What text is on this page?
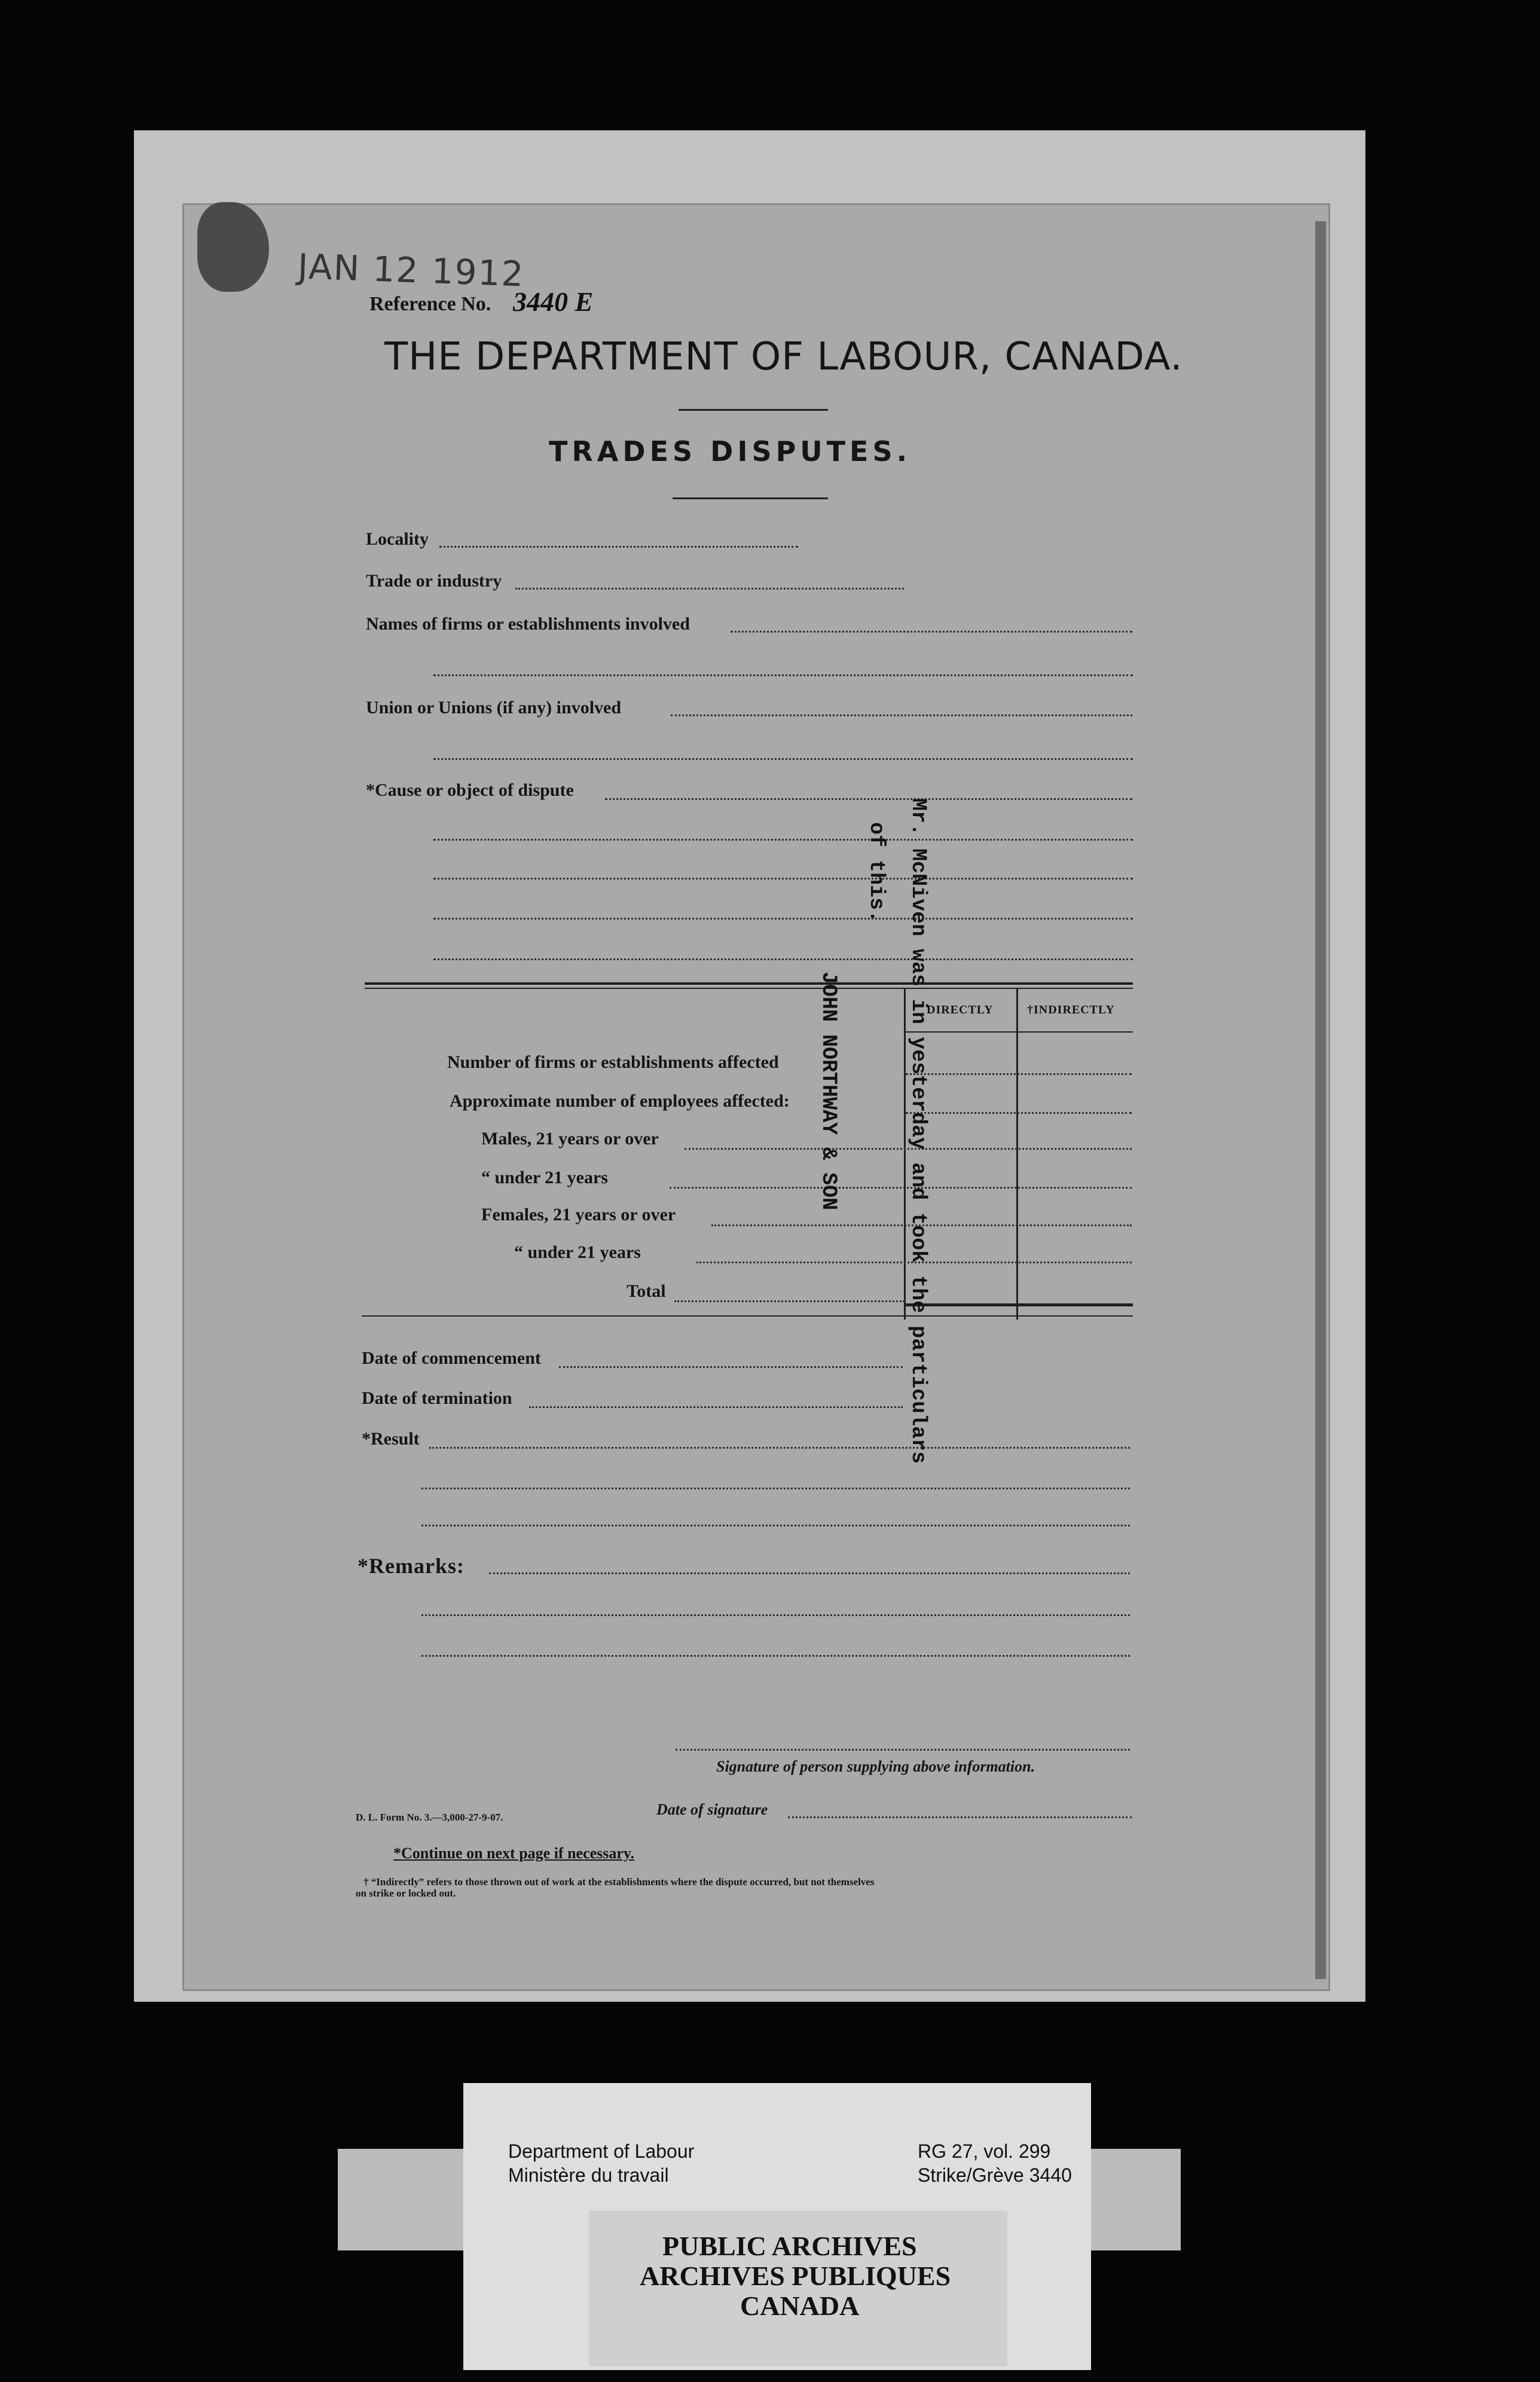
JAN 12 1912
Reference No. 3440 E
THE DEPARTMENT OF LABOUR, CANADA.
TRADES DISPUTES.
Locality
Trade or industry
Names of firms or establishments involved
Union or Unions (if any) involved
*Cause or object of dispute
DIRECTLY	†INDIRECTLY
Number of firms or establishments affected
Approximate number of employees affected:
Males, 21 years or over
“ under 21 years
Females, 21 years or over
“ under 21 years
Total	Mr. McNiven was in yesterday and took the particulars
of this.
JOHN NORTHWAY & SON
Date of commencement
Date of termination
*Result
*Remarks:
Signature of person supplying above information.
Date of signature
D. L. Form No. 3.—3,000-27-9-07.
*Continue on next page if necessary.
† “Indirectly” refers to those thrown out of work at the establishments where the dispute occurred, but not themselves
on strike or locked out.
Department of Labour
Ministère du travail
RG 27, vol. 299
Strike/Grève 3440
PUBLIC ARCHIVES
ARCHIVES PUBLIQUES
CANADA
